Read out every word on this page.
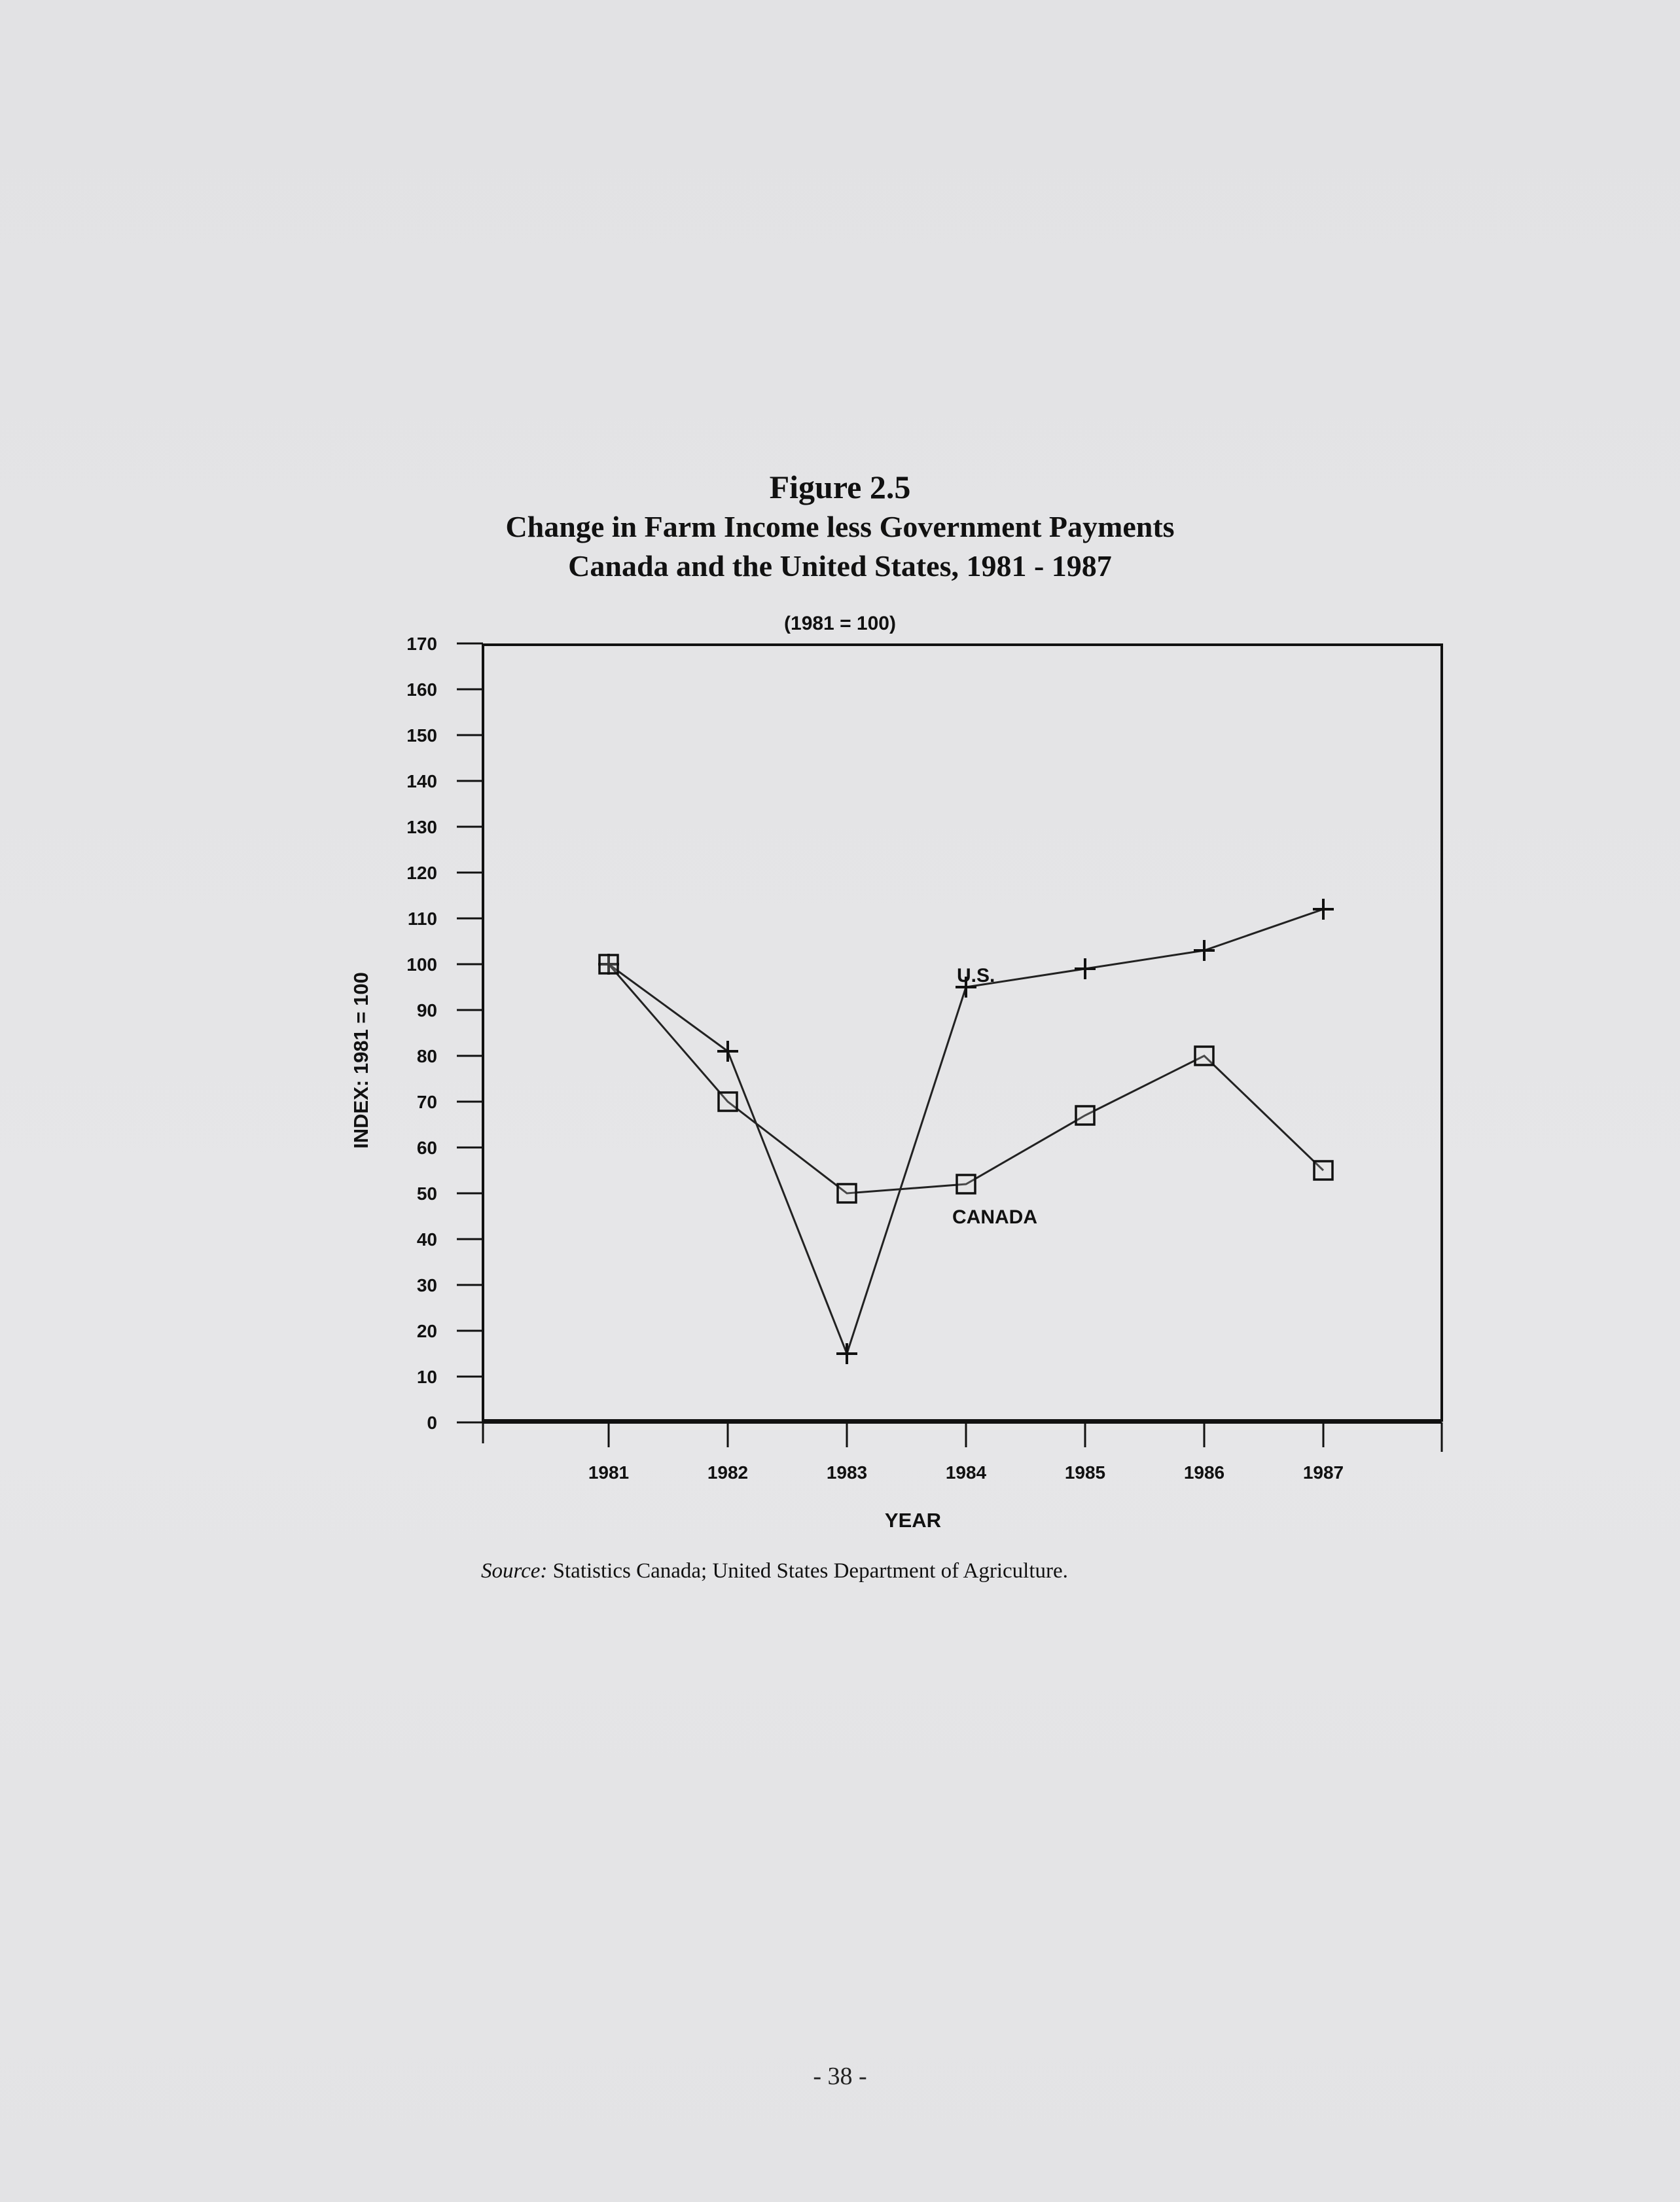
Figure 2.5
Change in Farm Income less Government Payments
Canada and the United States, 1981 - 1987
(1981 = 100)
0
10
20
30
40
50
60
70
80
90
100
110
120
130
140
150
160
170
1981	1982	1983	1984	1985	1986	1987
INDEX: 1981 = 100
YEAR
U.S.
CANADA
Source: Statistics Canada; United States Department of Agriculture.
- 38 -
